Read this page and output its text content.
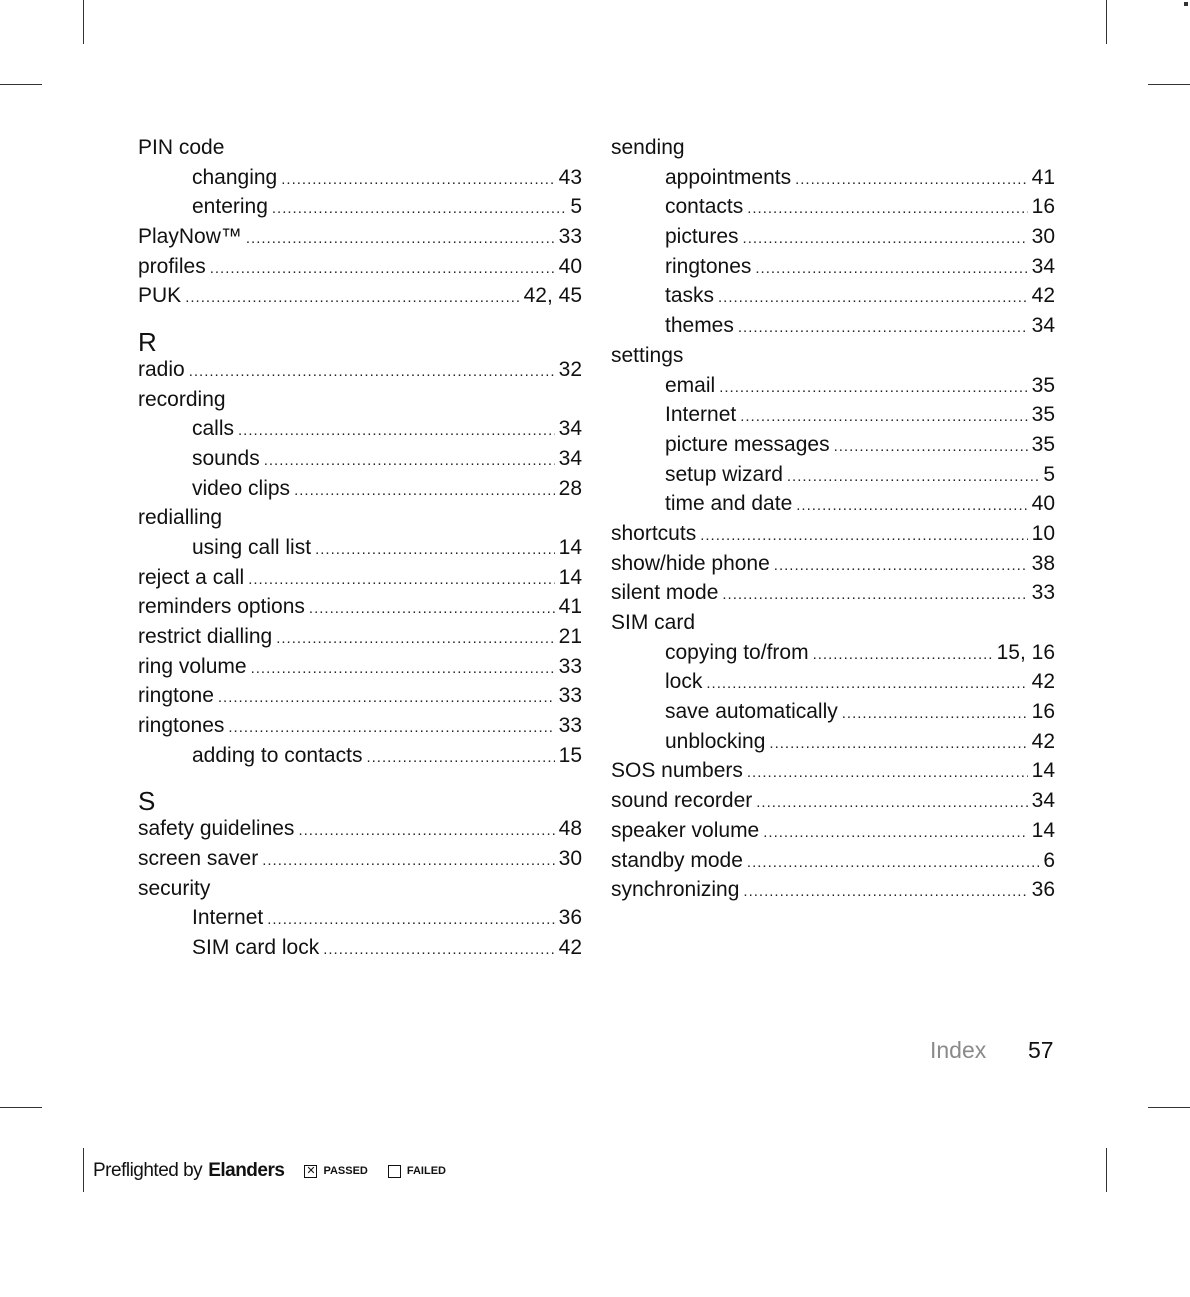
PIN code
changing .....	43
entering .....	5
PlayNow™ .....	33
profiles .....	40
PUK .....	42, 45
R
radio .....	32
recording
calls .....	34
sounds .....	34
video clips .....	28
redialling
using call list .....	14
reject a call .....	14
reminders options .....	41
restrict dialling .....	21
ring volume .....	33
ringtone .....	33
ringtones .....	33
adding to contacts .....	15
S
safety guidelines .....	48
screen saver .....	30
security
Internet .....	36
SIM card lock .....	42
sending
appointments .....	41
contacts .....	16
pictures .....	30
ringtones .....	34
tasks .....	42
themes .....	34
settings
email .....	35
Internet .....	35
picture messages .....	35
setup wizard .....	5
time and date .....	40
shortcuts .....	10
show/hide phone .....	38
silent mode .....	33
SIM card
copying to/from .....	15, 16
lock .....	42
save automatically .....	16
unblocking .....	42
SOS numbers .....	14
sound recorder .....	34
speaker volume .....	14
standby mode .....	6
synchronizing .....	36
Index 57
Preflighted by Elanders ✕ PASSED	FAILED
